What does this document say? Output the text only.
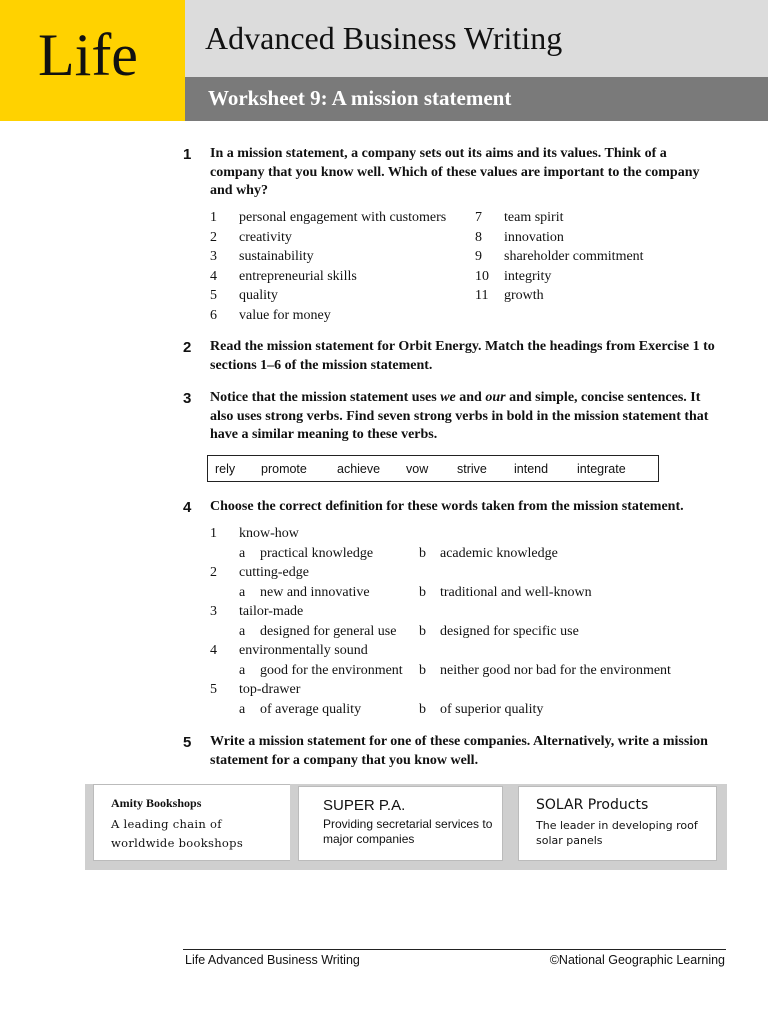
Life Advanced Business Writing
Worksheet 9: A mission statement
1	In a mission statement, a company sets out its aims and its values. Think of a company that you know well. Which of these values are important to the company and why?
1 personal engagement with customers
2 creativity
3 sustainability
4 entrepreneurial skills
5 quality
6 value for money
7 team spirit
8 innovation
9 shareholder commitment
10 integrity
11 growth
2	Read the mission statement for Orbit Energy. Match the headings from Exercise 1 to sections 1–6 of the mission statement.
3	Notice that the mission statement uses we and our and simple, concise sentences. It also uses strong verbs. Find seven strong verbs in bold in the mission statement that have a similar meaning to these verbs.
rely promote achieve vow strive intend integrate
4	Choose the correct definition for these words taken from the mission statement.
1 know-how
a practical knowledge	b academic knowledge
2 cutting-edge
a new and innovative	b traditional and well-known
3 tailor-made
a designed for general use b designed for specific use
4 environmentally sound
a good for the environment b neither good nor bad for the environment
5 top-drawer
a of average quality	b of superior quality
5	Write a mission statement for one of these companies. Alternatively, write a mission statement for a company that you know well.
Amity Bookshops
A leading chain of worldwide bookshops
SUPER P.A.
Providing secretarial services to major companies
SOLAR Products
The leader in developing roof solar panels
Life Advanced Business Writing	©National Geographic Learning
